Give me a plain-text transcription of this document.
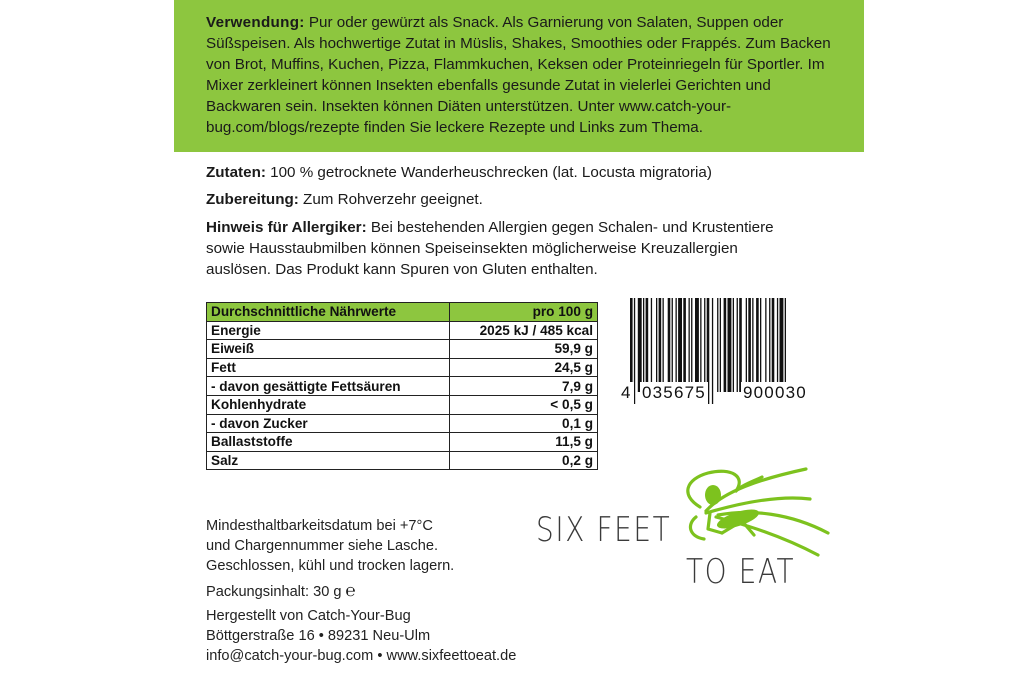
Verwendung: Pur oder gewürzt als Snack. Als Garnierung von Salaten, Suppen oder Süßspeisen. Als hochwertige Zutat in Müslis, Shakes, Smoothies oder Frappés. Zum Backen von Brot, Muffins, Kuchen, Pizza, Flammkuchen, Keksen oder Proteinriegeln für Sportler. Im Mixer zerkleinert können Insekten ebenfalls gesunde Zutat in vielerlei Gerichten und Backwaren sein. Insekten können Diäten unterstützen. Unter www.catch-your-bug.com/blogs/rezepte finden Sie leckere Rezepte und Links zum Thema.
Zutaten: 100 % getrocknete Wanderheuschrecken (lat. Locusta migratoria)
Zubereitung: Zum Rohverzehr geeignet.
Hinweis für Allergiker: Bei bestehenden Allergien gegen Schalen- und Krustentiere sowie Hausstaubmilben können Speiseinsekten möglicherweise Kreuzallergien auslösen. Das Produkt kann Spuren von Gluten enthalten.
Durchschnittliche Nährwerte	pro 100 g
Energie	2025 kJ / 485 kcal
Eiweiß	59,9 g
Fett	24,5 g
- davon gesättigte Fettsäuren	7,9 g
Kohlenhydrate	< 0,5 g
- davon Zucker	0,1 g
Ballaststoffe	11,5 g
Salz	0,2 g
4 035675 900030
Mindesthaltbarkeitsdatum bei +7°C
und Chargennummer siehe Lasche.
Geschlossen, kühl und trocken lagern.
Packungsinhalt: 30 g ℮
Hergestellt von Catch-Your-Bug
Böttgerstraße 16 • 89231 Neu-Ulm
info@catch-your-bug.com • www.sixfeettoeat.de
SIX FEET
TO EAT
